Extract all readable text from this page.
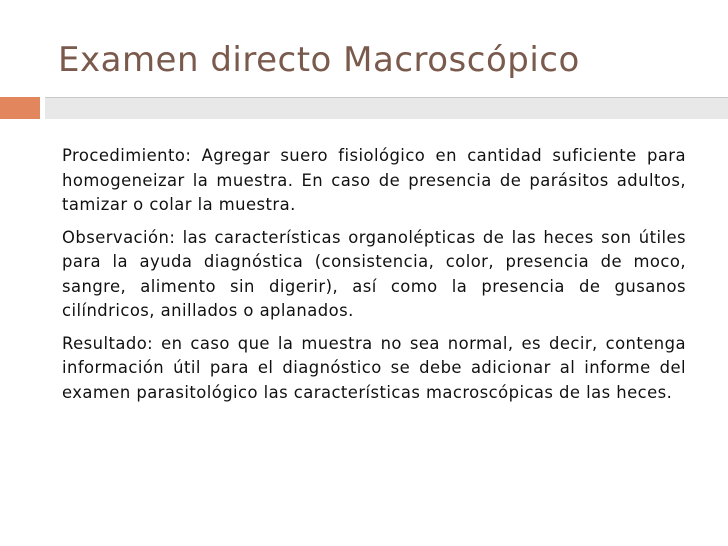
Examen directo Macroscópico

Procedimiento: Agregar suero fisiológico en cantidad suficiente para homogeneizar la muestra. En caso de presencia de parásitos adultos, tamizar o colar la muestra.

Observación: las características organolépticas de las heces son útiles para la ayuda diagnóstica (consistencia, color, presencia de moco, sangre, alimento sin digerir), así como la presencia de gusanos cilíndricos, anillados o aplanados.

Resultado: en caso que la muestra no sea normal, es decir, contenga información útil para el diagnóstico se debe adicionar al informe del examen parasitológico las características macroscópicas de las heces.
